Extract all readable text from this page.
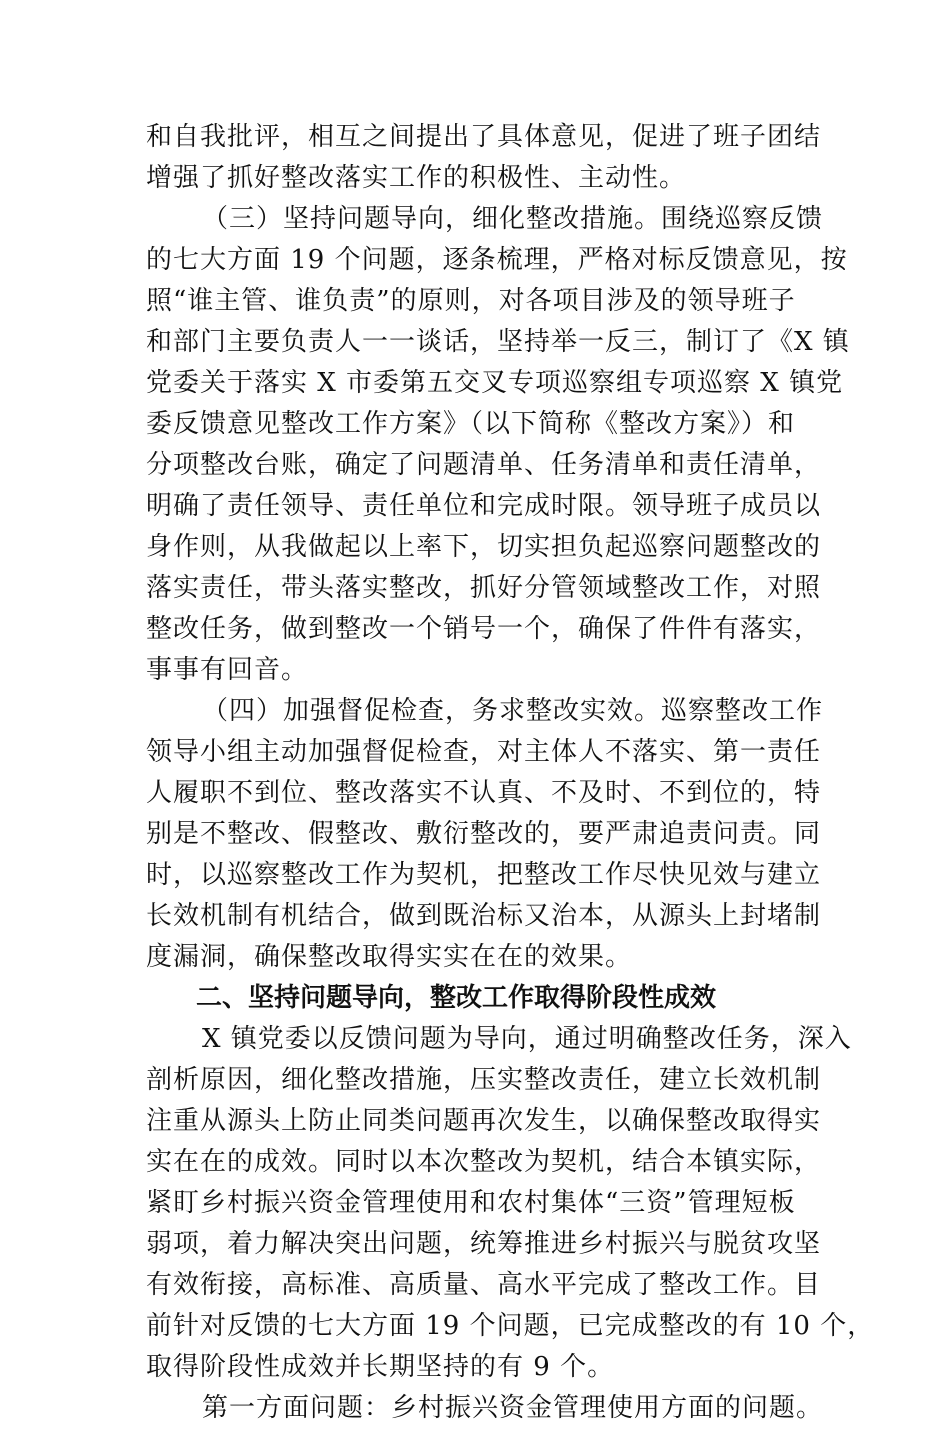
和自我批评，相互之间提出了具体意见，促进了班子团结
增强了抓好整改落实工作的积极性、主动性。
（三）坚持问题导向，细化整改措施。围绕巡察反馈
的七大方面 19 个问题，逐条梳理，严格对标反馈意见，按
照“谁主管、谁负责”的原则，对各项目涉及的领导班子
和部门主要负责人一一谈话，坚持举一反三，制订了《X 镇
党委关于落实 X 市委第五交叉专项巡察组专项巡察 X 镇党
委反馈意见整改工作方案》（以下简称《整改方案》）和
分项整改台账，确定了问题清单、任务清单和责任清单，
明确了责任领导、责任单位和完成时限。领导班子成员以
身作则，从我做起以上率下，切实担负起巡察问题整改的
落实责任，带头落实整改，抓好分管领域整改工作，对照
整改任务，做到整改一个销号一个，确保了件件有落实，
事事有回音。
（四）加强督促检查，务求整改实效。巡察整改工作
领导小组主动加强督促检查，对主体人不落实、第一责任
人履职不到位、整改落实不认真、不及时、不到位的，特
别是不整改、假整改、敷衍整改的，要严肃追责问责。同
时，以巡察整改工作为契机，把整改工作尽快见效与建立
长效机制有机结合，做到既治标又治本，从源头上封堵制
度漏洞，确保整改取得实实在在的效果。
二、坚持问题导向，整改工作取得阶段性成效
X 镇党委以反馈问题为导向，通过明确整改任务，深入
剖析原因，细化整改措施，压实整改责任，建立长效机制
注重从源头上防止同类问题再次发生，以确保整改取得实
实在在的成效。同时以本次整改为契机，结合本镇实际，
紧盯乡村振兴资金管理使用和农村集体“三资”管理短板
弱项，着力解决突出问题，统筹推进乡村振兴与脱贫攻坚
有效衔接，高标准、高质量、高水平完成了整改工作。目
前针对反馈的七大方面 19 个问题，已完成整改的有 10 个，
取得阶段性成效并长期坚持的有 9 个。
第一方面问题：乡村振兴资金管理使用方面的问题。
